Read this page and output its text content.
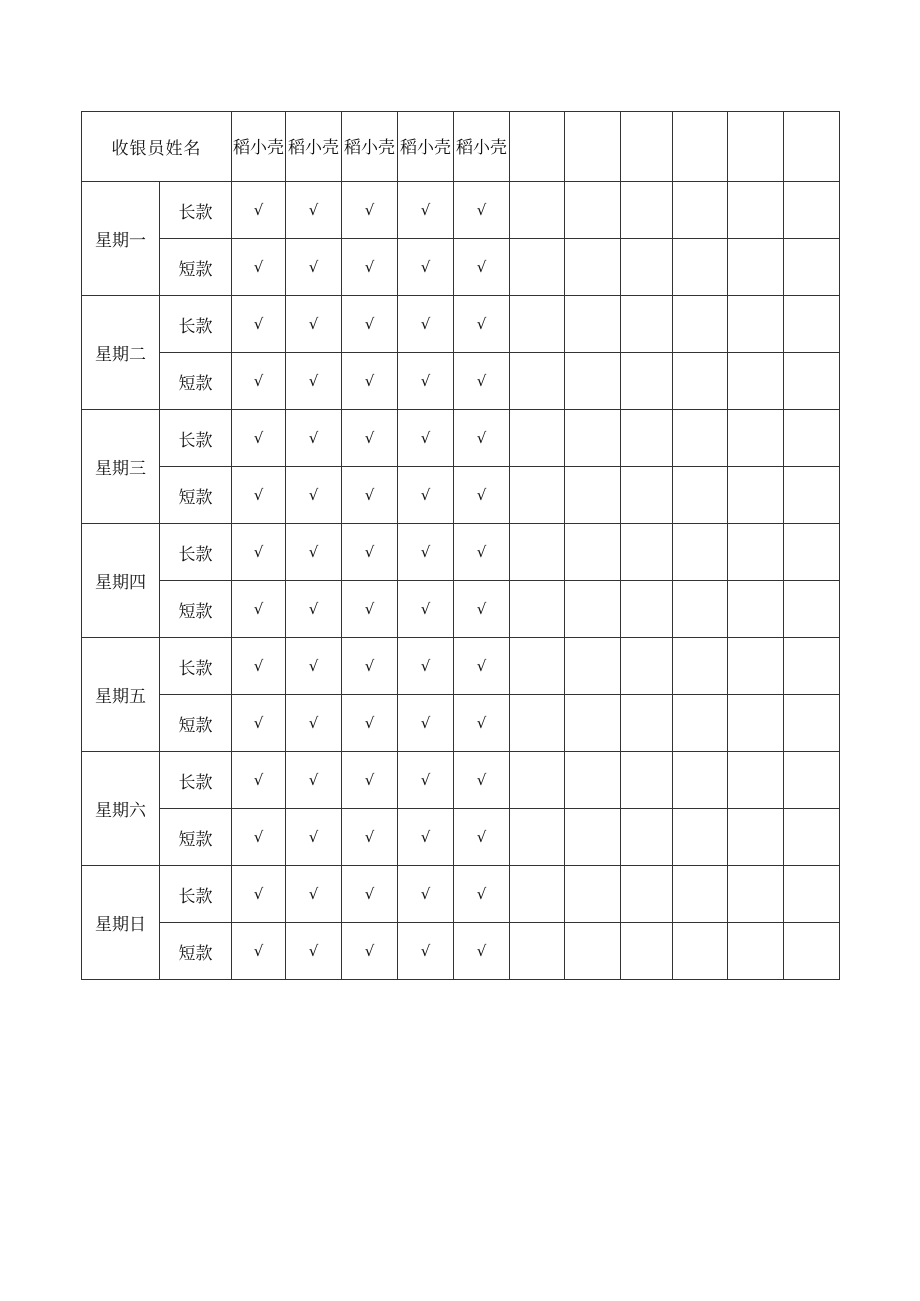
收银员姓名		稻小壳	稻小壳	稻小壳	稻小壳	稻小壳						
星期一	长款	√	√	√	√	√						
	短款	√	√	√	√	√						
星期二	长款	√	√	√	√	√						
	短款	√	√	√	√	√						
星期三	长款	√	√	√	√	√						
	短款	√	√	√	√	√						
星期四	长款	√	√	√	√	√						
	短款	√	√	√	√	√						
星期五	长款	√	√	√	√	√						
	短款	√	√	√	√	√						
星期六	长款	√	√	√	√	√						
	短款	√	√	√	√	√						
星期日	长款	√	√	√	√	√						
	短款	√	√	√	√	√						
